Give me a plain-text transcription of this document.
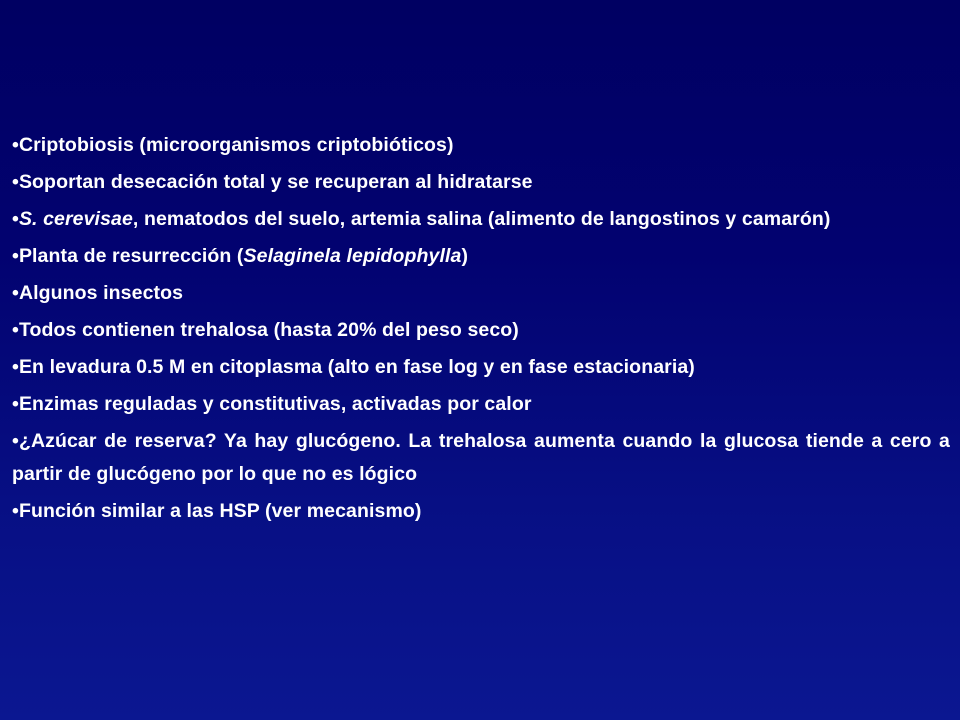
•Criptobiosis (microorganismos criptobióticos)
•Soportan desecación total y se recuperan al hidratarse
•S. cerevisae, nematodos del suelo, artemia salina (alimento de langostinos y camarón)
•Planta de resurrección (Selaginela lepidophylla)
•Algunos insectos
•Todos contienen trehalosa (hasta 20% del peso seco)
•En levadura 0.5 M en citoplasma (alto en fase log y en fase estacionaria)
•Enzimas reguladas y constitutivas, activadas por calor
•¿Azúcar de reserva? Ya hay glucógeno. La trehalosa aumenta cuando la glucosa tiende a cero a partir de glucógeno por lo que no es lógico
•Función similar a las HSP (ver mecanismo)
